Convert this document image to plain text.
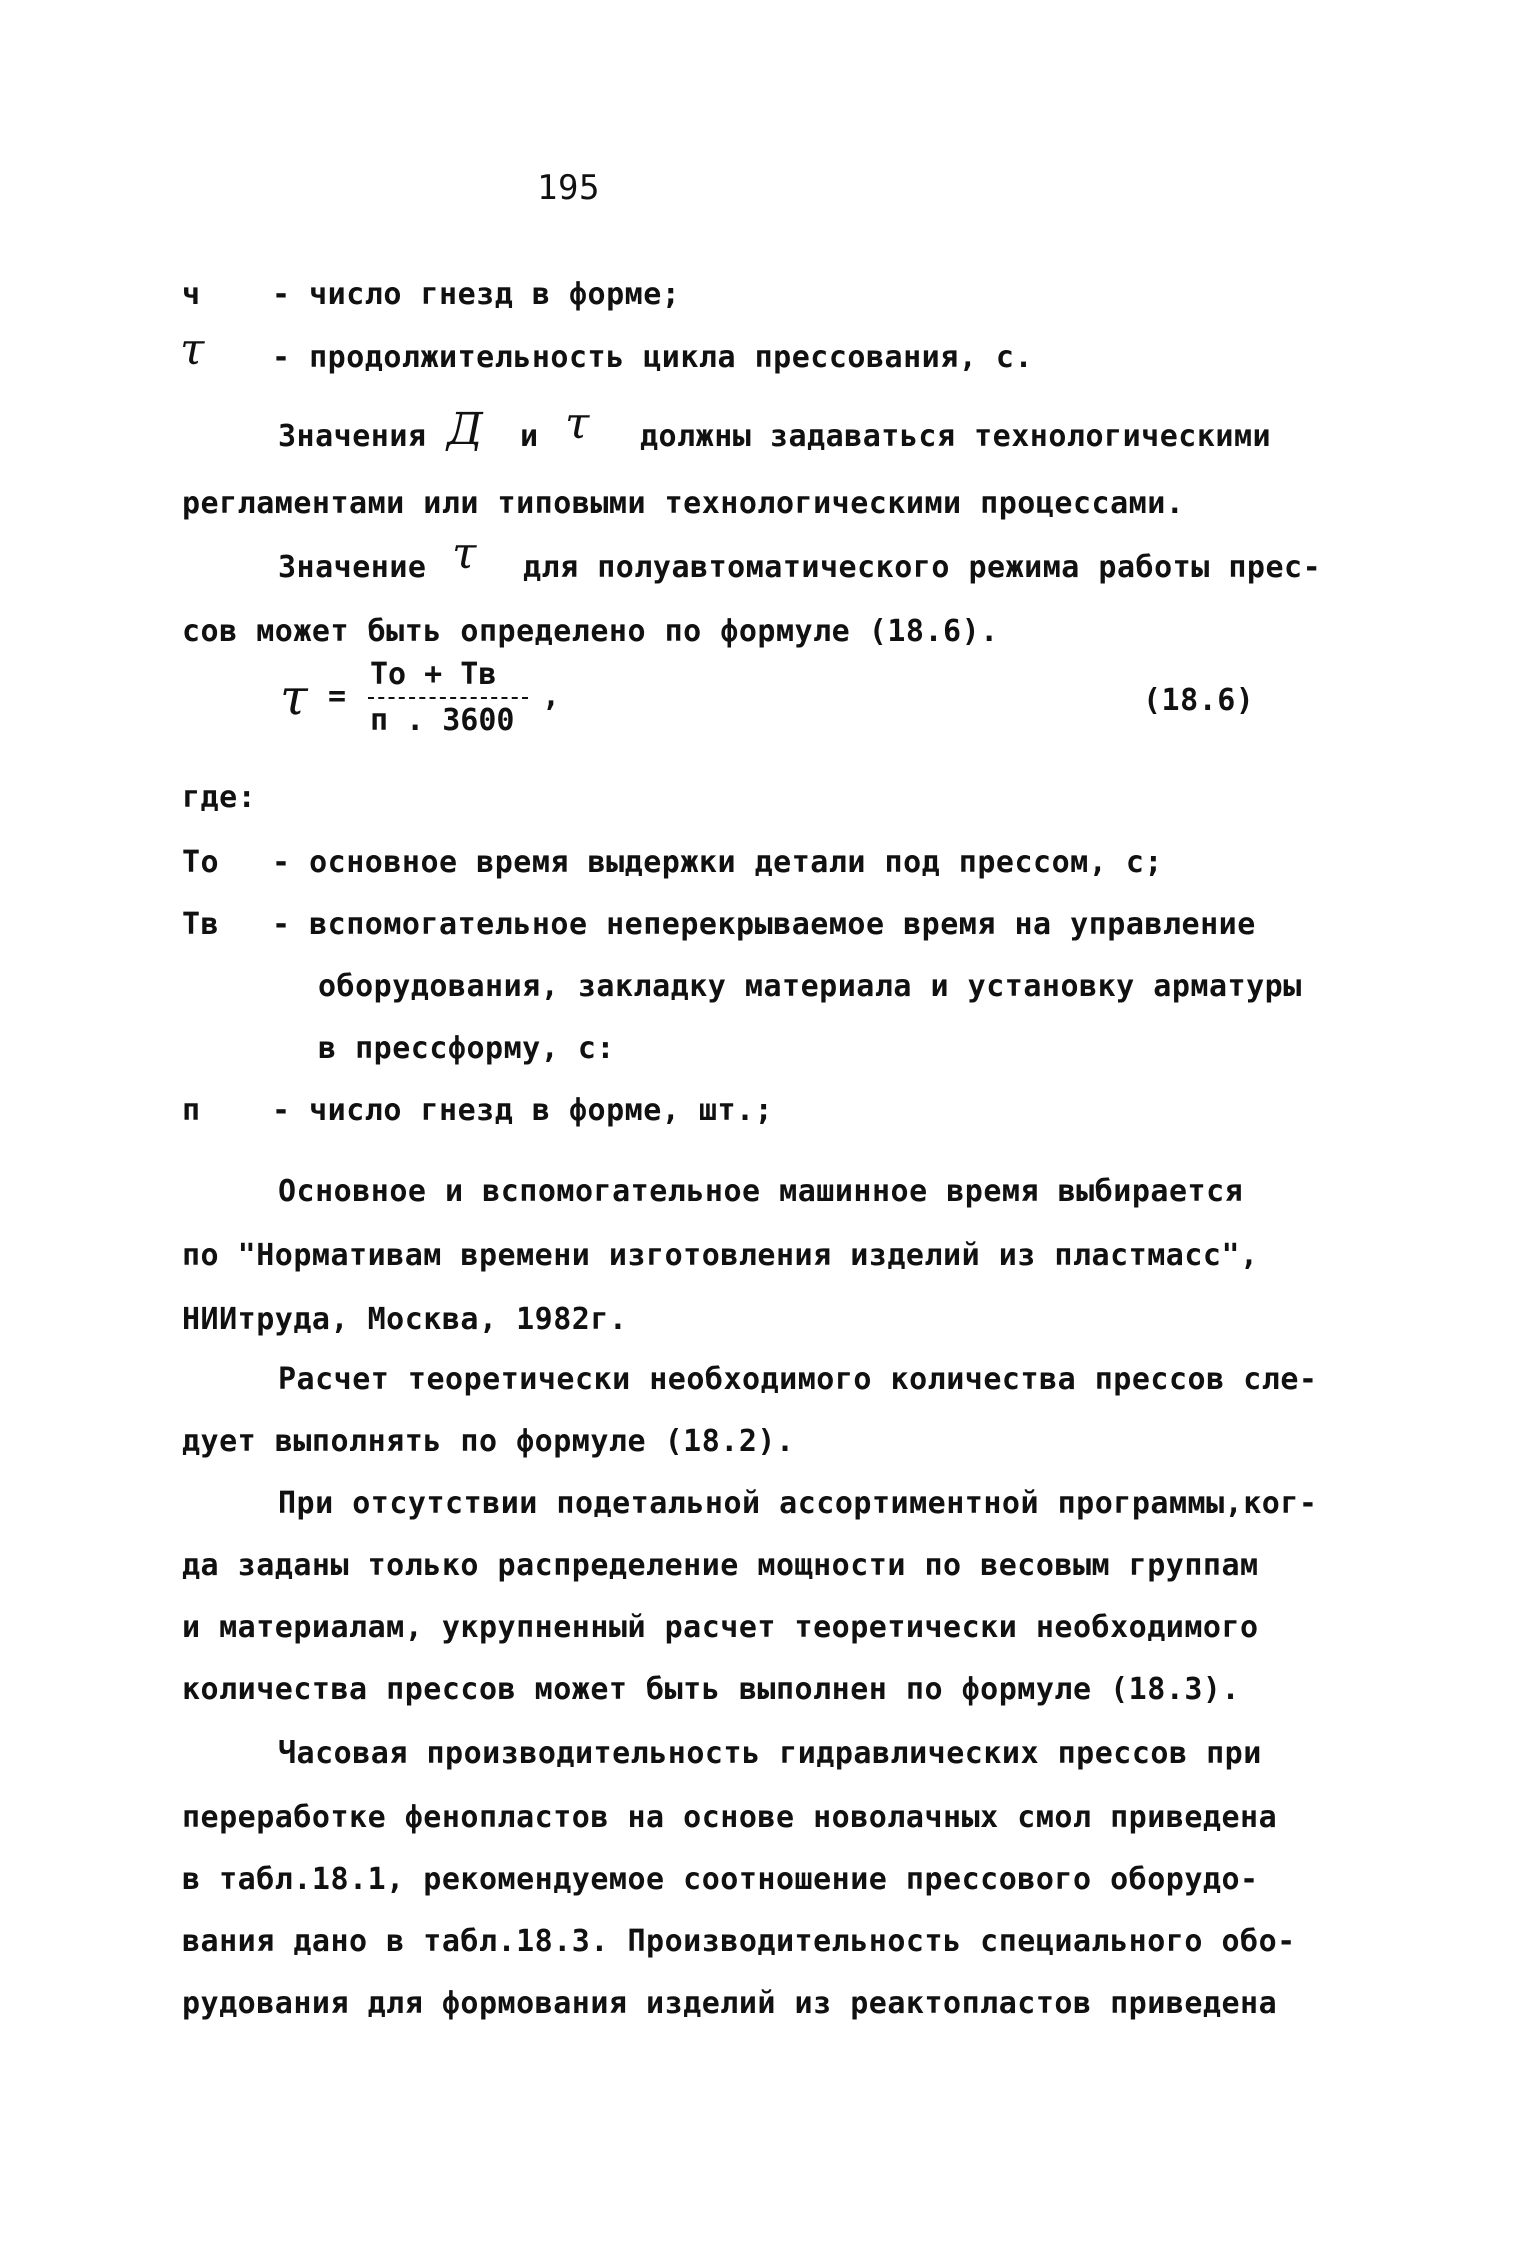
195
ч - число гнезд в форме;
τ - продолжительность цикла прессования, с.
Значения Д и τ должны задаваться технологическими
регламентами или типовыми технологическими процессами.
Значение τ для полуавтоматического режима работы прес-
сов может быть определено по формуле (18.6).
τ =
To + Tв
п . 3600
,	(18.6)
где:
To - основное время выдержки детали под прессом, с;
Tв - вспомогательное неперекрываемое время на управление
оборудования, закладку материала и установку арматуры
в прессформу, с:
п - число гнезд в форме, шт.;
Основное и вспомогательное машинное время выбирается
по "Нормативам времени изготовления изделий из пластмасс",
НИИтруда, Москва, 1982г.
Расчет теоретически необходимого количества прессов сле-
дует выполнять по формуле (18.2).
При отсутствии подетальной ассортиментной программы,ког-
да заданы только распределение мощности по весовым группам
и материалам, укрупненный расчет теоретически необходимого
количества прессов может быть выполнен по формуле (18.3).
Часовая производительность гидравлических прессов при
переработке фенопластов на основе новолачных смол приведена
в табл.18.1, рекомендуемое соотношение прессового оборудо-
вания дано в табл.18.3. Производительность специального обо-
рудования для формования изделий из реактопластов приведена
